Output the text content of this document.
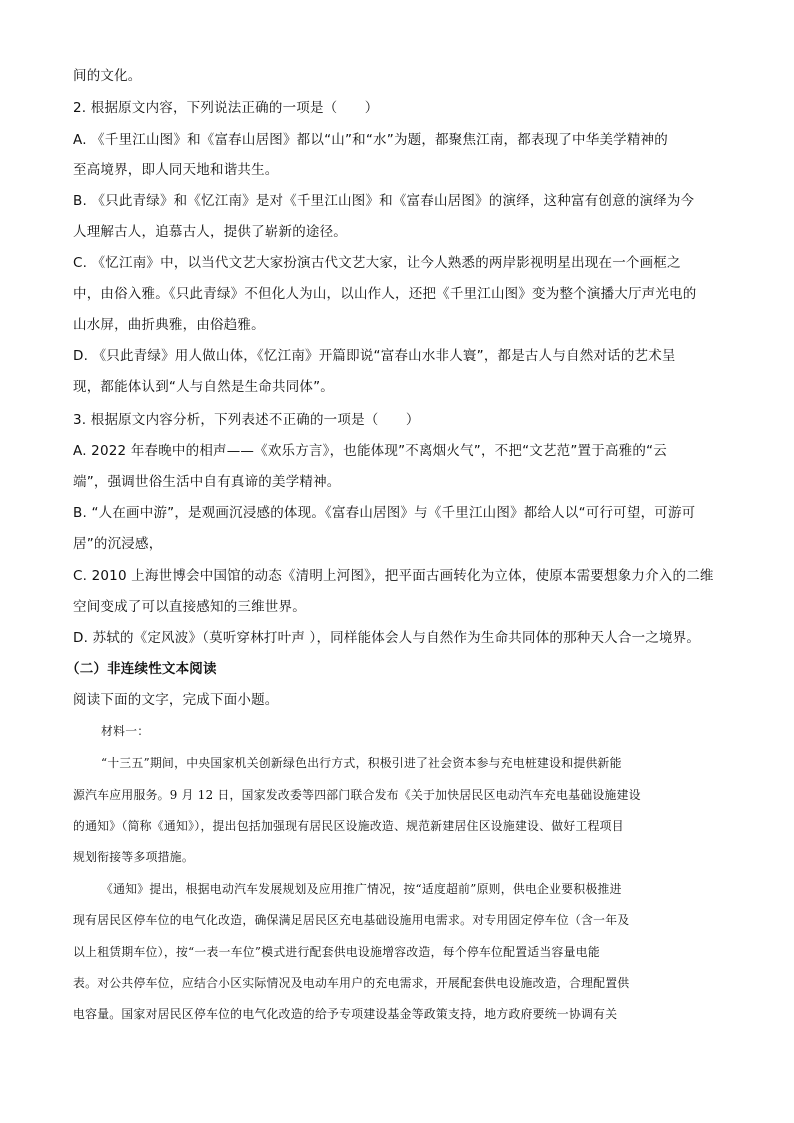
间的文化。

2. 根据原文内容，下列说法正确的一项是（　　）

A. 《千里江山图》和《富春山居图》都以“山”和“水”为题，都聚焦江南，都表现了中华美学精神的

至高境界，即人同天地和谐共生。

B. 《只此青绿》和《忆江南》是对《千里江山图》和《富春山居图》的演绎，这种富有创意的演绎为今

人理解古人，追慕古人，提供了崭新的途径。

C. 《忆江南》中，以当代文艺大家扮演古代文艺大家，让今人熟悉的两岸影视明星出现在一个画框之

中，由俗入雅。《只此青绿》不但化人为山，以山作人，还把《千里江山图》变为整个演播大厅声光电的

山水屏，曲折典雅，由俗趋雅。

D. 《只此青绿》用人做山体，《忆江南》开篇即说“富春山水非人寰”，都是古人与自然对话的艺术呈

现，都能体认到“人与自然是生命共同体”。

3. 根据原文内容分析，下列表述不正确的一项是（　　）

A. 2022 年春晚中的相声——《欢乐方言》，也能体现”不离烟火气”，不把“文艺范”置于高雅的“云

端”，强调世俗生活中自有真谛的美学精神。

B. “人在画中游”，是观画沉浸感的体现。《富春山居图》与《千里江山图》都给人以“可行可望，可游可

居”的沉浸感，

C. 2010 上海世博会中国馆的动态《清明上河图》，把平面古画转化为立体，使原本需要想象力介入的二维

空间变成了可以直接感知的三维世界。

D. 苏轼的《定风波》（莫听穿林打叶声 ），同样能体会人与自然作为生命共同体的那种天人合一之境界。

（二）非连续性文本阅读

阅读下面的文字，完成下面小题。

材料一：

“十三五”期间，中央国家机关创新绿色出行方式，积极引进了社会资本参与充电桩建设和提供新能

源汽车应用服务。9 月 12 日，国家发改委等四部门联合发布《关于加快居民区电动汽车充电基础设施建设

的通知》（简称《通知》），提出包括加强现有居民区设施改造、规范新建居住区设施建设、做好工程项目

规划衔接等多项措施。

《通知》提出，根据电动汽车发展规划及应用推广情况，按“适度超前”原则，供电企业要积极推进

现有居民区停车位的电气化改造，确保满足居民区充电基础设施用电需求。对专用固定停车位（含一年及

以上租赁期车位），按“一表一车位”模式进行配套供电设施增容改造，每个停车位配置适当容量电能

表。对公共停车位，应结合小区实际情况及电动车用户的充电需求，开展配套供电设施改造，合理配置供

电容量。国家对居民区停车位的电气化改造的给予专项建设基金等政策支持，地方政府要统一协调有关
